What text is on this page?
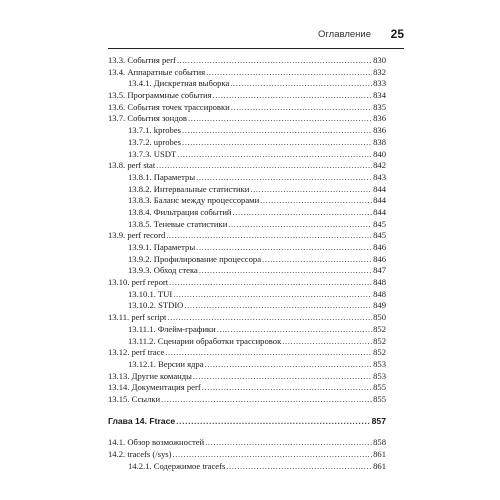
Оглавление 25
13.3. События perf .....	830
13.4. Аппаратные события .....	832
13.4.1. Дискретная выборка .....	833
13.5. Программные события .....	834
13.6. События точек трассировки .....	835
13.7. События зондов .....	836
13.7.1. kprobes .....	836
13.7.2. uprobes .....	838
13.7.3. USDT .....	840
13.8. perf stat .....	842
13.8.1. Параметры .....	843
13.8.2. Интервальные статистики .....	844
13.8.3. Баланс между процессорами .....	844
13.8.4. Фильтрация событий .....	844
13.8.5. Теневые статистики .....	845
13.9. perf record .....	845
13.9.1. Параметры .....	846
13.9.2. Профилирование процессора .....	846
13.9.3. Обход стека .....	847
13.10. perf report .....	848
13.10.1. TUI .....	848
13.10.2. STDIO .....	849
13.11. perf script .....	850
13.11.1. Флейм-графики .....	852
13.11.2. Сценарии обработки трассировок .....	852
13.12. perf trace .....	852
13.12.1. Версии ядра .....	853
13.13. Другие команды .....	853
13.14. Документация perf .....	855
13.15. Ссылки .....	855
Глава 14. Ftrace .....	857
14.1. Обзор возможностей .....	858
14.2. tracefs (/sys) .....	861
14.2.1. Содержимое tracefs .....	861
